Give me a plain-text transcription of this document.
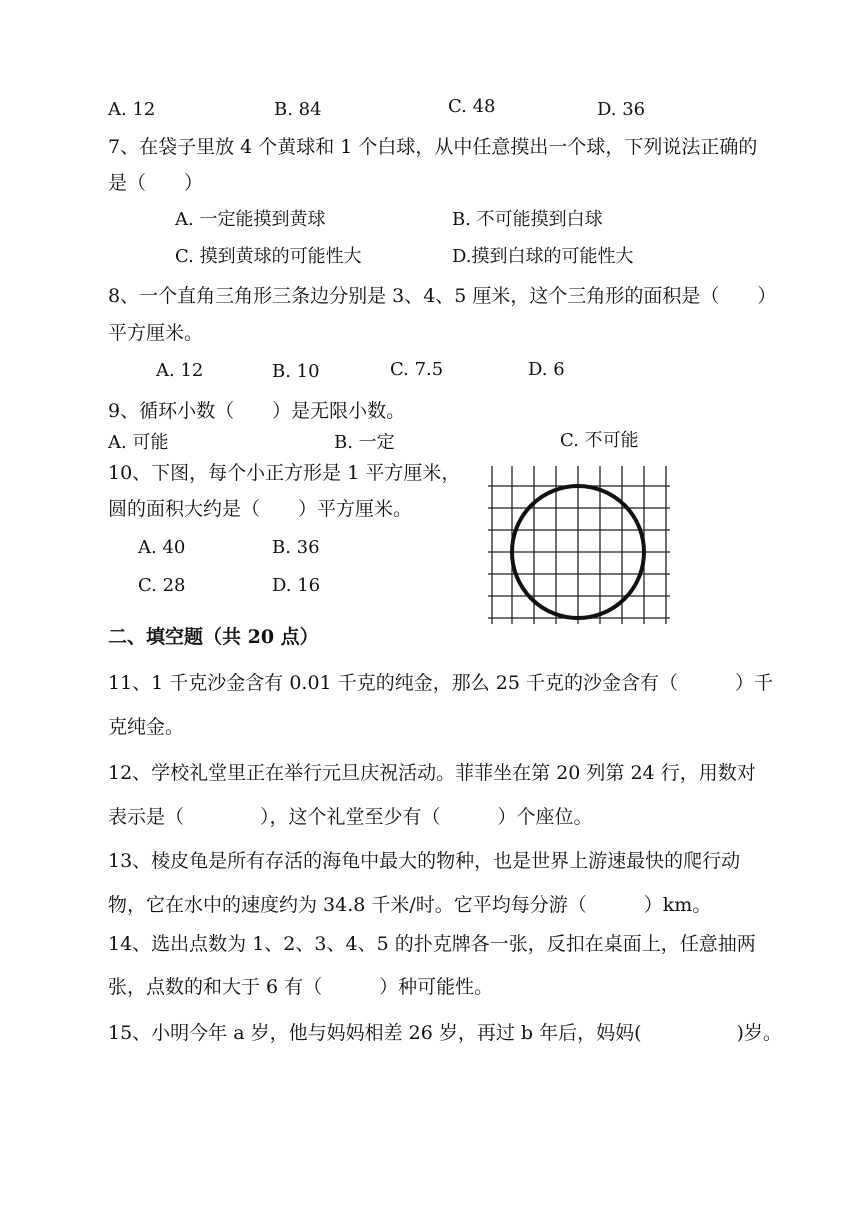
A. 12	B. 84	C. 48	D. 36
7、在袋子里放 4 个黄球和 1 个白球，从中任意摸出一个球，下列说法正确的
是（　　）
A. 一定能摸到黄球	B. 不可能摸到白球
C. 摸到黄球的可能性大	D.摸到白球的可能性大
8、一个直角三角形三条边分别是 3、4、5 厘米，这个三角形的面积是（　　）
平方厘米。
A. 12	B. 10	C. 7.5	D. 6
9、循环小数（　　）是无限小数。
A. 可能	B. 一定	C. 不可能
10、下图，每个小正方形是 1 平方厘米，
圆的面积大约是（　　）平方厘米。
A. 40	B. 36
C. 28	D. 16
二、填空题（共 20 点）
11、1 千克沙金含有 0.01 千克的纯金，那么 25 千克的沙金含有（　　　）千
克纯金。
12、学校礼堂里正在举行元旦庆祝活动。菲菲坐在第 20 列第 24 行，用数对
表示是（　　　　），这个礼堂至少有（　　　）个座位。
13、棱皮龟是所有存活的海龟中最大的物种，也是世界上游速最快的爬行动
物，它在水中的速度约为 34.8 千米/时。它平均每分游（　　　）km。
14、选出点数为 1、2、3、4、5 的扑克牌各一张，反扣在桌面上，任意抽两
张，点数的和大于 6 有（　　　）种可能性。
15、小明今年 a 岁，他与妈妈相差 26 岁，再过 b 年后，妈妈(　　　　　)岁。
